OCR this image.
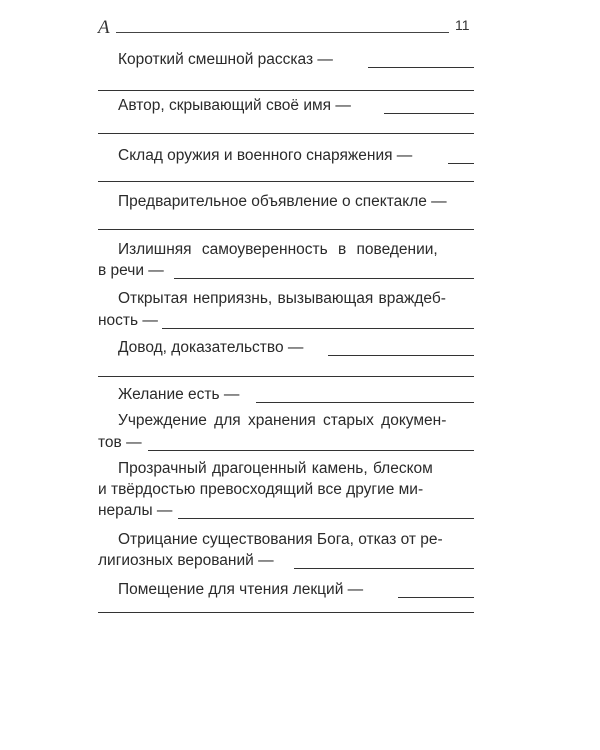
А	11
Короткий смешной рассказ —
Автор, скрывающий своё имя —
Склад оружия и военного снаряжения —
Предварительное объявление о спектакле —
Излишняя самоуверенность в поведении,
в речи —
Открытая неприязнь, вызывающая враждеб-
ность —
Довод, доказательство —
Желание есть —
Учреждение для хранения старых докумен-
тов —
Прозрачный драгоценный камень, блеском
и твёрдостью превосходящий все другие ми-
нералы —
Отрицание существования Бога, отказ от ре-
лигиозных верований —
Помещение для чтения лекций —
